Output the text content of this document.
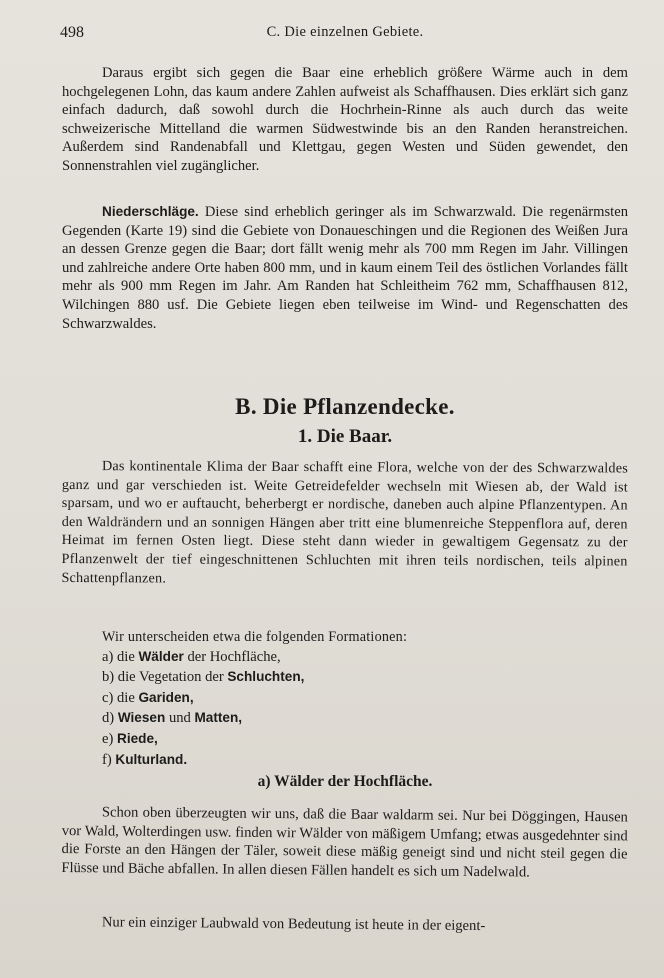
498	C. Die einzelnen Gebiete.

Daraus ergibt sich gegen die Baar eine erheblich größere Wärme auch in dem hochgelegenen Lohn, das kaum andere Zahlen aufweist als Schaffhausen. Dies erklärt sich ganz einfach dadurch, daß sowohl durch die Hochrhein-Rinne als auch durch das weite schweizerische Mittelland die warmen Südwestwinde bis an den Randen heranstreichen. Außerdem sind Randenabfall und Klettgau, gegen Westen und Süden gewendet, den Sonnenstrahlen viel zugänglicher.

Niederschläge. Diese sind erheblich geringer als im Schwarzwald. Die regenärmsten Gegenden (Karte 19) sind die Gebiete von Donaueschingen und die Regionen des Weißen Jura an dessen Grenze gegen die Baar; dort fällt wenig mehr als 700 mm Regen im Jahr. Villingen und zahlreiche andere Orte haben 800 mm, und in kaum einem Teil des östlichen Vorlandes fällt mehr als 900 mm Regen im Jahr. Am Randen hat Schleitheim 762 mm, Schaffhausen 812, Wilchingen 880 usf. Die Gebiete liegen eben teilweise im Wind- und Regenschatten des Schwarzwaldes.

B. Die Pflanzendecke.
1. Die Baar.

Das kontinentale Klima der Baar schafft eine Flora, welche von der des Schwarzwaldes ganz und gar verschieden ist. Weite Getreidefelder wechseln mit Wiesen ab, der Wald ist sparsam, und wo er auftaucht, beherbergt er nordische, daneben auch alpine Pflanzentypen. An den Waldrändern und an sonnigen Hängen aber tritt eine blumenreiche Steppenflora auf, deren Heimat im fernen Osten liegt. Diese steht dann wieder in gewaltigem Gegensatz zu der Pflanzenwelt der tief eingeschnittenen Schluchten mit ihren teils nordischen, teils alpinen Schattenpflanzen.

Wir unterscheiden etwa die folgenden Formationen:

a) die Wälder der Hochfläche,
b) die Vegetation der Schluchten,
c) die Gariden,
d) Wiesen und Matten,
e) Riede,
f) Kulturland.
a) Wälder der Hochfläche.

Schon oben überzeugten wir uns, daß die Baar waldarm sei. Nur bei Döggingen, Hausen vor Wald, Wolterdingen usw. finden wir Wälder von mäßigem Umfang; etwas ausgedehnter sind die Forste an den Hängen der Täler, soweit diese mäßig geneigt sind und nicht steil gegen die Flüsse und Bäche abfallen. In allen diesen Fällen handelt es sich um Nadelwald.

Nur ein einziger Laubwald von Bedeutung ist heute in der eigent-
